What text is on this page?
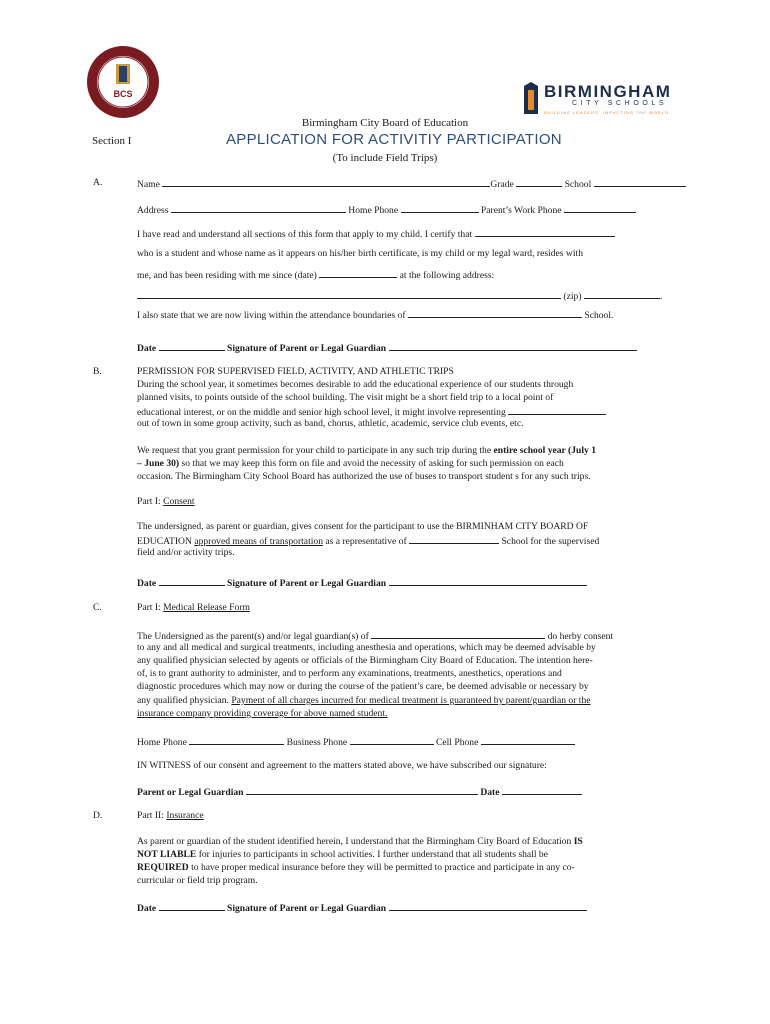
BCS	BIRMINGHAM
CITY SCHOOLS
BUILDING LEADERS. IMPACTING THE WORLD.
Birmingham City Board of Education
Section I	APPLICATION FOR ACTIVITIY PARTICIPATION
(To include Field Trips)
A.	Name	Grade	School
Address	Home Phone	Parent’s Work Phone
I have read and understand all sections of this form that apply to my child. I certify that
who is a student and whose name as it appears on his/her birth certificate, is my child or my legal ward, resides with
me, and has been residing with me since (date)	at the following address:
(zip)	.
I also state that we are now living within the attendance boundaries of	School.
Date	Signature of Parent or Legal Guardian
B.	PERMISSION FOR SUPERVISED FIELD, ACTIVITY, AND ATHLETIC TRIPS
During the school year, it sometimes becomes desirable to add the educational experience of our students through
planned visits, to points outside of the school building. The visit might be a short field trip to a local point of
educational interest, or on the middle and senior high school level, it might involve representing
out of town in some group activity, such as band, chorus, athletic, academic, service club events, etc.
We request that you grant permission for your child to participate in any such trip during the entire school year (July 1
– June 30) so that we may keep this form on file and avoid the necessity of asking for such permission on each
occasion. The Birmingham City School Board has authorized the use of buses to transport student s for any such trips.
Part I: Consent
The undersigned, as parent or guardian, gives consent for the participant to use the BIRMINHAM CITY BOARD OF
EDUCATION approved means of transportation as a representative of	School for the supervised
field and/or activity trips.
Date	Signature of Parent or Legal Guardian
C.	Part I: Medical Release Form
The Undersigned as the parent(s) and/or legal guardian(s) of	do herby consent
to any and all medical and surgical treatments, including anesthesia and operations, which may be deemed advisable by
any qualified physician selected by agents or officials of the Birmingham City Board of Education. The intention here-
of, is to grant authority to administer, and to perform any examinations, treatments, anesthetics, operations and
diagnostic procedures which may now or during the course of the patient’s care, be deemed advisable or necessary by
any qualified physician. Payment of all charges incurred for medical treatment is guaranteed by parent/guardian or the
insurance company providing coverage for above named student.
Home Phone	Business Phone	Cell Phone
IN WITNESS of our consent and agreement to the matters stated above, we have subscribed our signature:
Parent or Legal Guardian	Date
D.	Part II: Insurance
As parent or guardian of the student identified herein, I understand that the Birmingham City Board of Education IS
NOT LIABLE for injuries to participants in school activities. I further understand that all students shall be
REQUIRED to have proper medical insurance before they will be permitted to practice and participate in any co-
curricular or field trip program.
Date	Signature of Parent or Legal Guardian
